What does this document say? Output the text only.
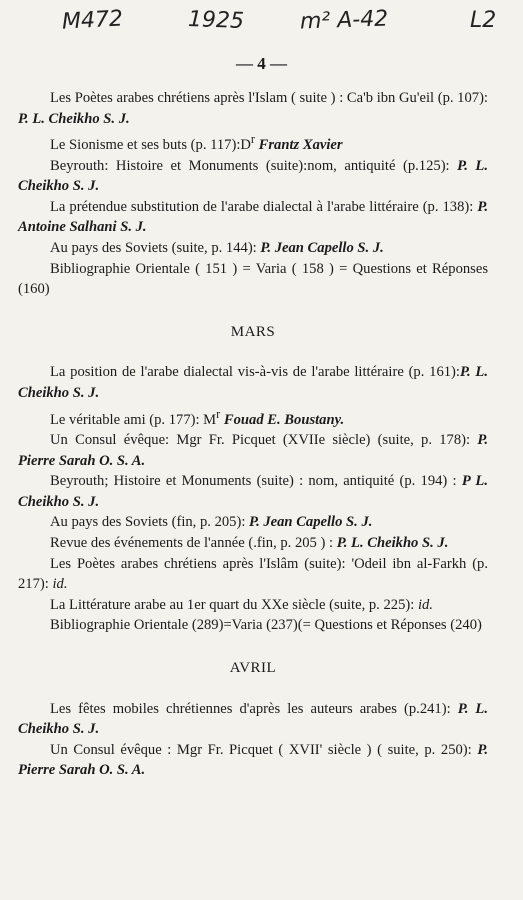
M472	1925	m² A-42	L2
— 4 —

Les Poètes arabes chrétiens après l'Islam ( suite ) : Ca'b ibn Gu'eil (p. 107): P. L. Cheikho S. J.

Le Sionisme et ses buts (p. $117):D^r$ Frantz Xavier

Beyrouth: Histoire et Monuments (suite):nom, antiquité (p.125): P. L. Cheikho S. J.

La prétendue substitution de l'arabe dialectal à l'arabe littéraire (p. 138): P. Antoine Salhani S. J.

Au pays des Soviets (suite, p. 144): P. Jean Capello S. J.

Bibliographie Orientale ( 151 ) = Varia ( 158 ) = Questions et Réponses (160)

MARS

La position de l'arabe dialectal vis-à-vis de l'arabe littéraire (p. 161):P. L. Cheikho S. J.

Le véritable ami (p. 177): $M^r$ Fouad E. Boustany.

Un Consul évêque: Mgr Fr. Picquet (XVIIe siècle) (suite, p. 178): P. Pierre Sarah O. S. A.

Beyrouth; Histoire et Monuments (suite) : nom, antiquité (p. 194) : P L. Cheikho S. J.

Au pays des Soviets (fin, p. 205): P. Jean Capello S. J.

Revue des événements de l'année (.fin, p. 205 ) : P. L. Cheikho S. J.

Les Poètes arabes chrétiens après l'Islâm (suite): 'Odeil ibn al-Farkh (p. 217): id.

La Littérature arabe au 1er quart du XXe siècle (suite, p. 225): id.

Bibliographie Orientale (289)=Varia (237)(= Questions et Réponses (240)

AVRIL

Les fêtes mobiles chrétiennes d'après les auteurs arabes (p.241): P. L. Cheikho S. J.

Un Consul évêque : Mgr Fr. Picquet ( XVII' siècle ) ( suite, p. 250): P. Pierre Sarah O. S. A.
